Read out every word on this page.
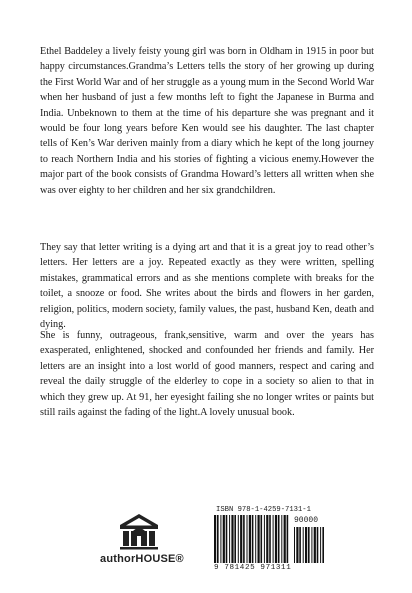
Ethel Baddeley a lively feisty young girl was born in Oldham in 1915 in poor but happy circumstances.Grandma’s Letters tells the story of her growing up during the First World War and of her struggle as a young mum in the Second World War when her husband of just a few months left to fight the Japanese in Burma and India. Unbeknown to them at the time of his departure she was pregnant and it would be four long years before Ken would see his daughter. The last chapter tells of Ken’s War deriven mainly from a diary which he kept of the long journey to reach Northern India and his stories of fighting a vicious enemy.However the major part of the book consists of Grandma Howard’s letters all written when she was over eighty to her children and her six grandchildren.

They say that letter writing is a dying art and that it is a great joy to read other’s letters. Her letters are a joy. Repeated exactly as they were written, spelling mistakes, grammatical errors and as she mentions complete with breaks for the toilet, a snooze or food. She writes about the birds and flowers in her garden, religion, politics, modern society, family values, the past, husband Ken, death and dying.

She is funny, outrageous, frank,sensitive, warm and over the years has exasperated, enlightened, shocked and confounded her friends and family. Her letters are an insight into a lost world of good manners, respect and caring and reveal the daily struggle of the elderley to cope in a society so alien to that in which they grew up. At 91, her eyesight failing she no longer writes or paints but still rails against the fading of the light.A lovely unusual book.

authorHOUSE®
ISBN 978-1-4259-7131-1
90000
9 781425 971311
